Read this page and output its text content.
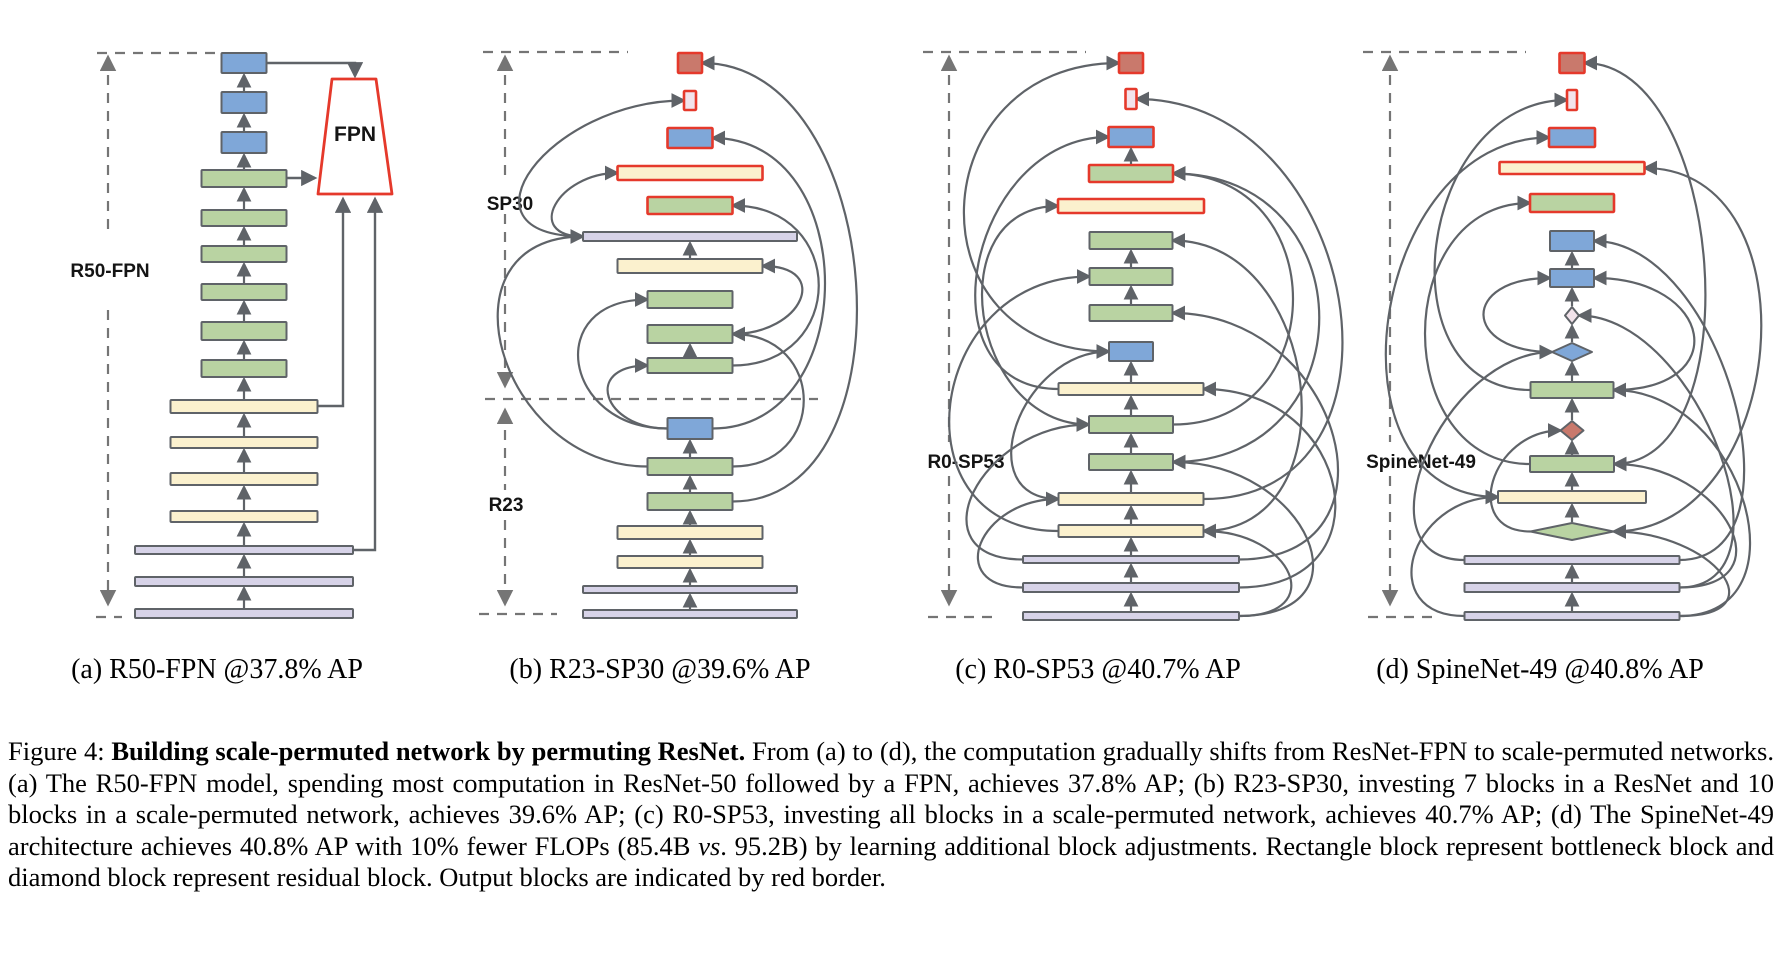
R50-FPN
FPN
SP30
R23
R0-SP53	SpineNet-49
(a) R50-FPN @37.8% AP	(b) R23-SP30 @39.6% AP	(c) R0-SP53 @40.7% AP	(d) SpineNet-49 @40.8% AP

Figure 4: Building scale-permuted network by permuting ResNet. From (a) to (d), the computation gradually shifts from ResNet-FPN to scale-permuted networks. (a) The R50-FPN model, spending most computation in ResNet-50 followed by a FPN, achieves 37.8% AP; (b) R23-SP30, investing 7 blocks in a ResNet and 10 blocks in a scale-permuted network, achieves 39.6% AP; (c) R0-SP53, investing all blocks in a scale-permuted network, achieves 40.7% AP; (d) The SpineNet-49 architecture achieves 40.8% AP with 10% fewer FLOPs (85.4B vs. 95.2B) by learning additional block adjustments. Rectangle block represent bottleneck block and diamond block represent residual block. Output blocks are indicated by red border.
